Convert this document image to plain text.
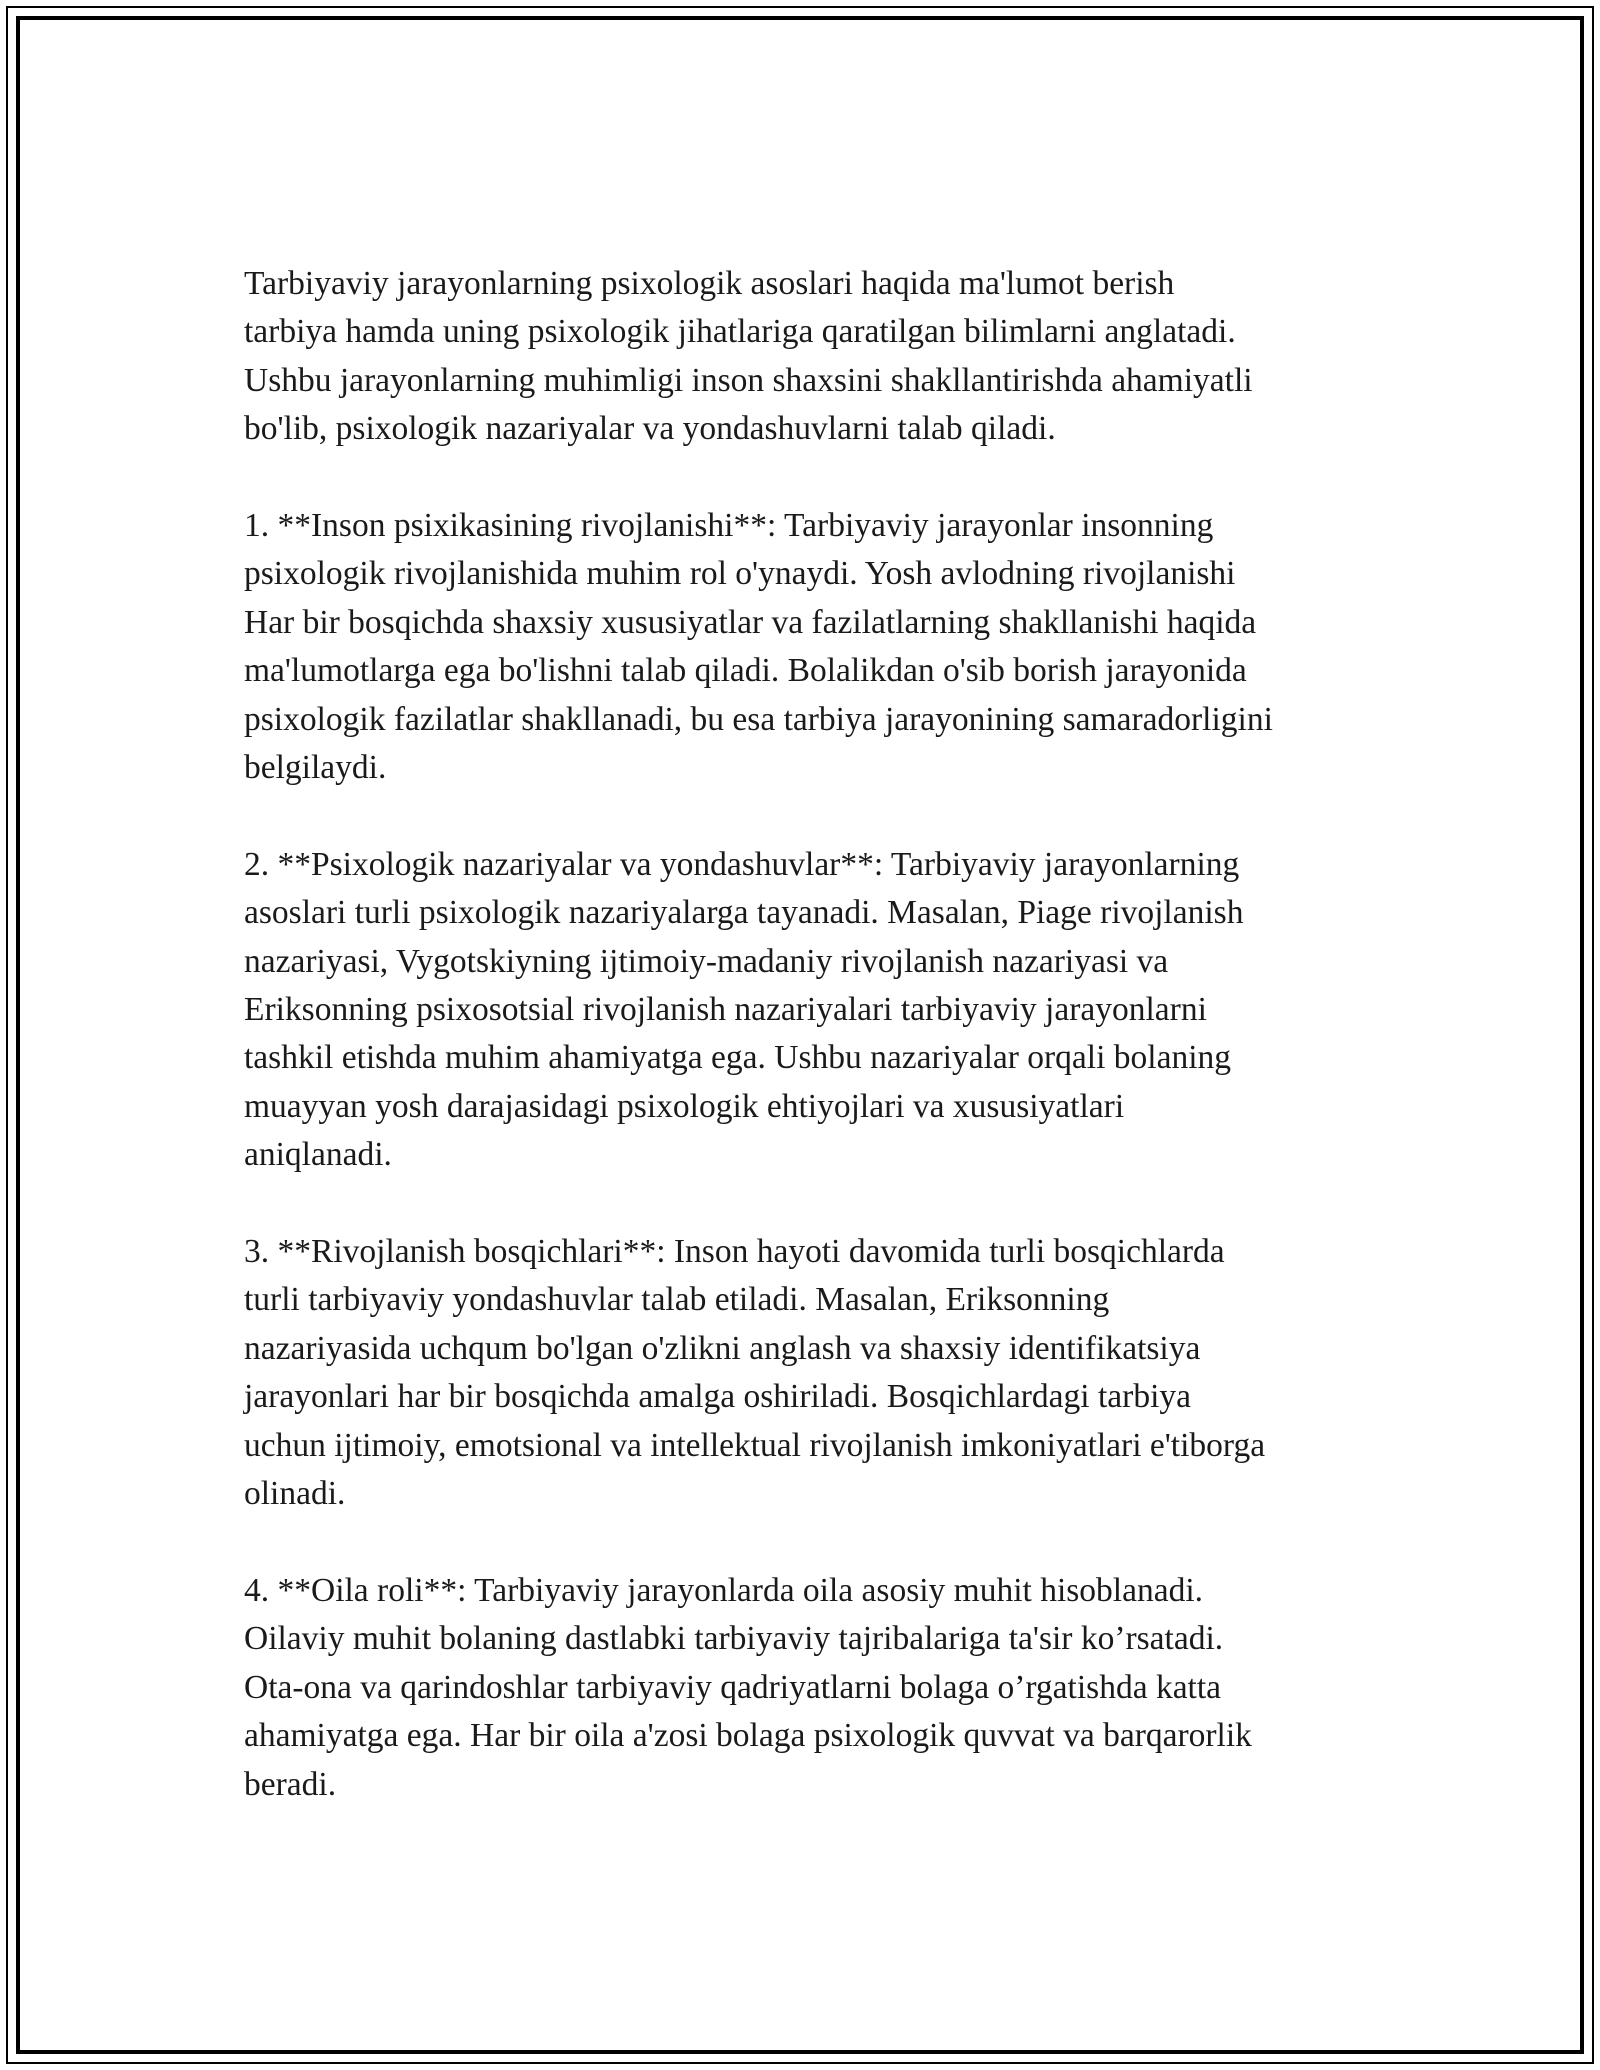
Tarbiyaviy jarayonlarning psixologik asoslari haqida ma'lumot berish
tarbiya hamda uning psixologik jihatlariga qaratilgan bilimlarni anglatadi.
Ushbu jarayonlarning muhimligi inson shaxsini shakllantirishda ahamiyatli
bo'lib, psixologik nazariyalar va yondashuvlarni talab qiladi.

1. **Inson psixikasining rivojlanishi**: Tarbiyaviy jarayonlar insonning
psixologik rivojlanishida muhim rol o'ynaydi. Yosh avlodning rivojlanishi
Har bir bosqichda shaxsiy xususiyatlar va fazilatlarning shakllanishi haqida
ma'lumotlarga ega bo'lishni talab qiladi. Bolalikdan o'sib borish jarayonida
psixologik fazilatlar shakllanadi, bu esa tarbiya jarayonining samaradorligini
belgilaydi.

2. **Psixologik nazariyalar va yondashuvlar**: Tarbiyaviy jarayonlarning
asoslari turli psixologik nazariyalarga tayanadi. Masalan, Piage rivojlanish
nazariyasi, Vygotskiyning ijtimoiy-madaniy rivojlanish nazariyasi va
Eriksonning psixosotsial rivojlanish nazariyalari tarbiyaviy jarayonlarni
tashkil etishda muhim ahamiyatga ega. Ushbu nazariyalar orqali bolaning
muayyan yosh darajasidagi psixologik ehtiyojlari va xususiyatlari
aniqlanadi.

3. **Rivojlanish bosqichlari**: Inson hayoti davomida turli bosqichlarda
turli tarbiyaviy yondashuvlar talab etiladi. Masalan, Eriksonning
nazariyasida uchqum bo'lgan o'zlikni anglash va shaxsiy identifikatsiya
jarayonlari har bir bosqichda amalga oshiriladi. Bosqichlardagi tarbiya
uchun ijtimoiy, emotsional va intellektual rivojlanish imkoniyatlari e'tiborga
olinadi.

4. **Oila roli**: Tarbiyaviy jarayonlarda oila asosiy muhit hisoblanadi.
Oilaviy muhit bolaning dastlabki tarbiyaviy tajribalariga ta'sir ko’rsatadi.
Ota-ona va qarindoshlar tarbiyaviy qadriyatlarni bolaga o’rgatishda katta
ahamiyatga ega. Har bir oila a'zosi bolaga psixologik quvvat va barqarorlik
beradi.
